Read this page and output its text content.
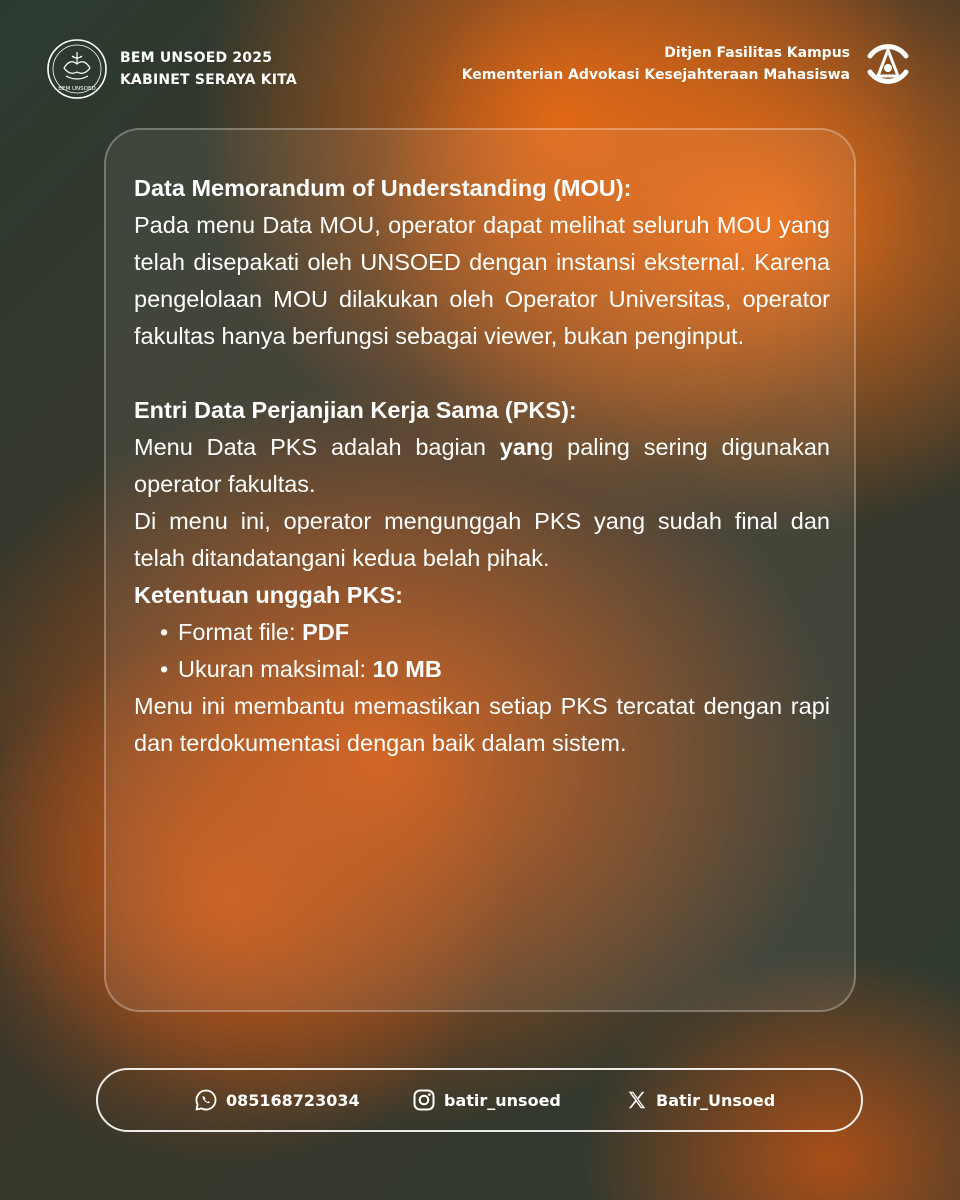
BEM UNSOED
BEM UNSOED 2025
KABINET SERAYA KITA
Ditjen Fasilitas Kampus
Kementerian Advokasi Kesejahteraan Mahasiswa

Data Memorandum of Understanding (MOU):

Pada menu Data MOU, operator dapat melihat seluruh MOU yang telah disepakati oleh UNSOED dengan instansi eksternal. Karena pengelolaan MOU dilakukan oleh Operator Universitas, operator fakultas hanya berfungsi sebagai viewer, bukan penginput.

Entri Data Perjanjian Kerja Sama (PKS):

Menu Data PKS adalah bagian yang paling sering digunakan operator fakultas.

Di menu ini, operator mengunggah PKS yang sudah final dan telah ditandatangani kedua belah pihak.

Ketentuan unggah PKS:

• Format file: PDF
• Ukuran maksimal: 10 MB

Menu ini membantu memastikan setiap PKS tercatat dengan rapi dan terdokumentasi dengan baik dalam sistem.

085168723034	batir_unsoed	Batir_Unsoed
